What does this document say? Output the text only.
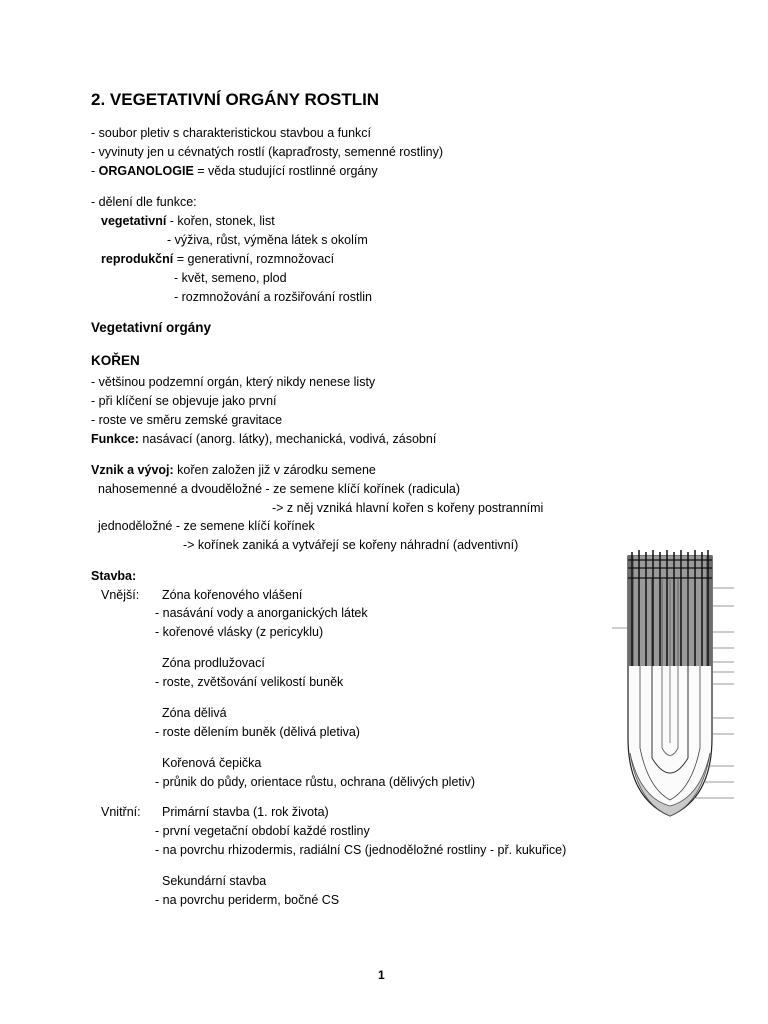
2. VEGETATIVNÍ ORGÁNY ROSTLIN
- soubor pletiv s charakteristickou stavbou a funkcí
- vyvinuty jen u cévnatých rostlí (kapraďrosty, semenné rostliny)
- ORGANOLOGIE = věda studující rostlinné orgány
- dělení dle funkce:
vegetativní - kořen, stonek, list
- výživa, růst, výměna látek s okolím
reprodukční = generativní, rozmnožovací
- květ, semeno, plod
- rozmnožování a rozšiřování rostlin
Vegetativní orgány
KOŘEN
- většinou podzemní orgán, který nikdy nenese listy
- při klíčení se objevuje jako první
- roste ve směru zemské gravitace
Funkce: nasávací (anorg. látky), mechanická, vodivá, zásobní
Vznik a vývoj: kořen založen již v zárodku semene
nahosemenné a dvouděložné - ze semene klíčí kořínek (radicula)
-> z něj vzniká hlavní kořen s kořeny postranními
jednoděložné - ze semene klíčí kořínek
-> kořínek zaniká a vytvářejí se kořeny náhradní (adventivní)
Stavba:
Vnější: Zóna kořenového vlášení
- nasávání vody a anorganických látek
- kořenové vlásky (z pericyklu)
Zóna prodlužovací
- roste, zvětšování velikostí buněk
Zóna dělivá
- roste dělením buněk (dělivá pletiva)
Kořenová čepička
- průnik do půdy, orientace růstu, ochrana (dělivých pletiv)
Vnitřní: Primární stavba (1. rok života)
- první vegetační období každé rostliny
- na povrchu rhizodermis, radiální CS (jednoděložné rostliny - př. kukuřice)
Sekundární stavba
- na povrchu periderm, bočné CS
1
